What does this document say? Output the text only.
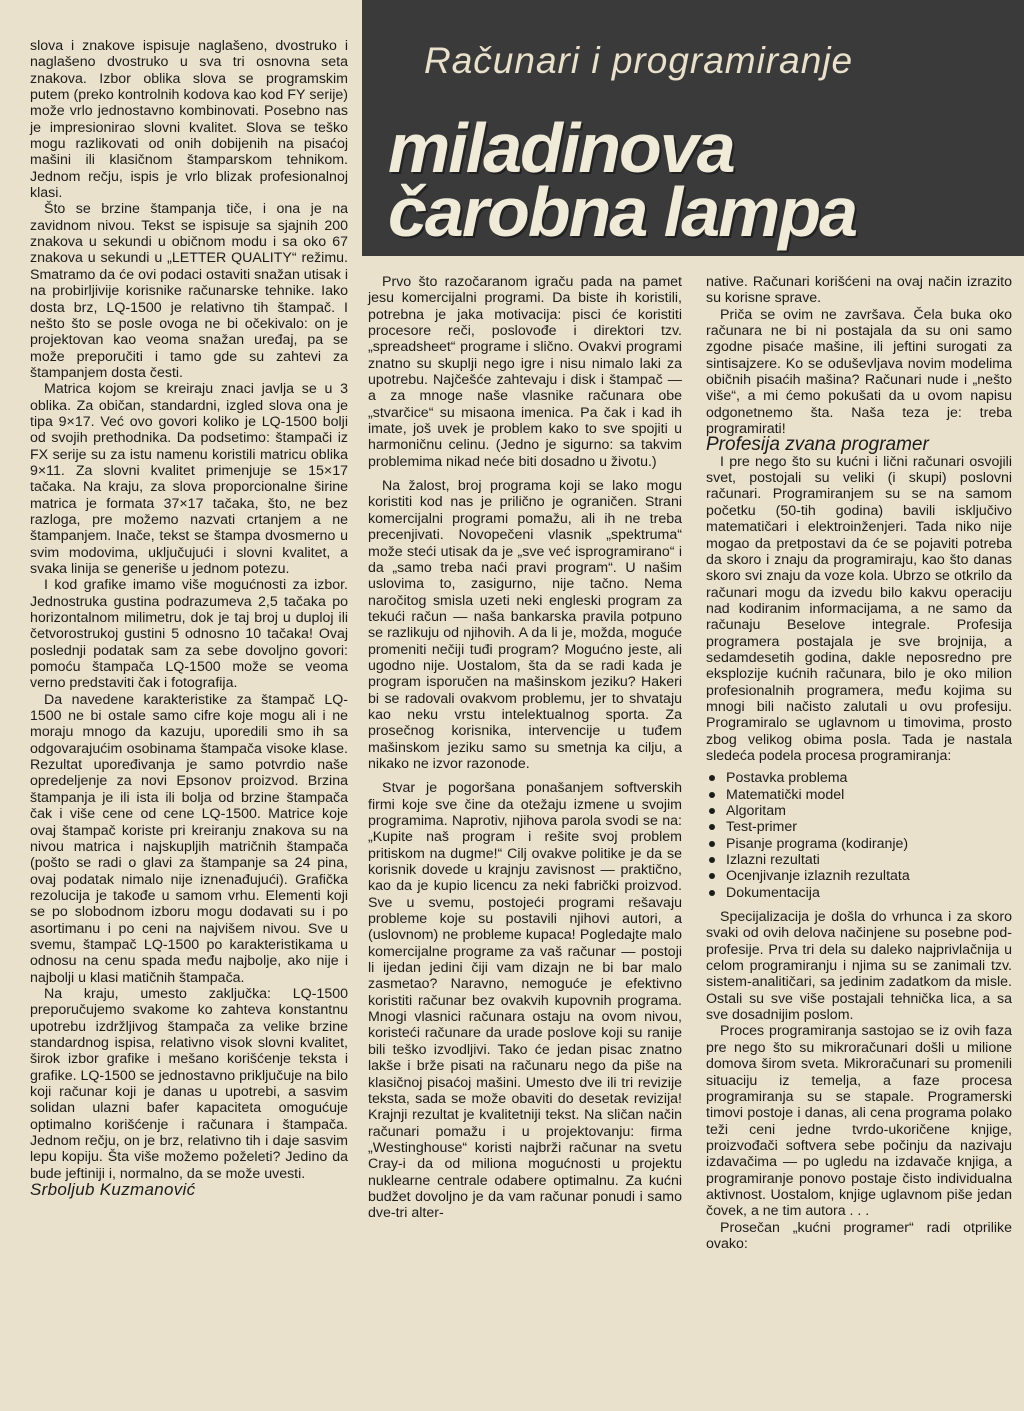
Računari i programiranje
miladinova
čarobna lampa

slova i znakove ispisuje naglašeno, dvostruko i naglašeno dvostruko u sva tri osnovna seta znakova. Izbor oblika slova se programskim putem (preko kontrolnih kodova kao kod FY serije) može vrlo jednostavno kombinovati. Posebno nas je impresionirao slovni kvalitet. Slova se teško mogu razlikovati od onih dobijenih na pisaćoj mašini ili klasičnom štamparskom tehnikom. Jednom rečju, ispis je vrlo blizak profesionalnoj klasi.

Što se brzine štampanja tiče, i ona je na zavidnom nivou. Tekst se ispisuje sa sjajnih 200 znakova u sekundi u običnom modu i sa oko 67 znakova u sekundi u „LETTER QUALITY“ režimu. Smatramo da će ovi podaci ostaviti snažan utisak i na probirljivije korisnike računarske tehnike. Iako dosta brz, LQ-1500 je relativno tih štampač. I nešto što se posle ovoga ne bi očekivalo: on je projektovan kao veoma snažan uređaj, pa se može preporučiti i tamo gde su zahtevi za štampanjem dosta česti.

Matrica kojom se kreiraju znaci javlja se u 3 oblika. Za običan, standardni, izgled slova ona je tipa 9×17. Već ovo govori koliko je LQ-1500 bolji od svojih prethodnika. Da podsetimo: štampači iz FX serije su za istu namenu koristili matricu oblika 9×11. Za slovni kvalitet primenjuje se 15×17 tačaka. Na kraju, za slova proporcionalne širine matrica je formata 37×17 tačaka, što, ne bez razloga, pre možemo nazvati crtanjem a ne štampanjem. Inače, tekst se štampa dvosmerno u svim modovima, uključujući i slovni kvalitet, a svaka linija se generiše u jednom potezu.

I kod grafike imamo više mogućnosti za izbor. Jednostruka gustina podrazumeva 2,5 tačaka po horizontalnom milimetru, dok je taj broj u duploj ili četvorostrukoj gustini 5 odnosno 10 tačaka! Ovaj poslednji podatak sam za sebe dovoljno govori: pomoću štampača LQ-1500 može se veoma verno predstaviti čak i fotografija.

Da navedene karakteristike za štampač LQ-1500 ne bi ostale samo cifre koje mogu ali i ne moraju mnogo da kazuju, uporedili smo ih sa odgovarajućim osobinama štampača visoke klase. Rezultat upoređivanja je samo potvrdio naše opredeljenje za novi Epsonov proizvod. Brzina štampanja je ili ista ili bolja od brzine štampača čak i više cene od cene LQ-1500. Matrice koje ovaj štampač koriste pri kreiranju znakova su na nivou matrica i najskupljih matričnih štampača (pošto se radi o glavi za štampanje sa 24 pina, ovaj podatak nimalo nije iznenađujući). Grafička rezolucija je takođe u samom vrhu. Elementi koji se po slobodnom izboru mogu dodavati su i po asortimanu i po ceni na najvišem nivou. Sve u svemu, štampač LQ-1500 po karakteristikama u odnosu na cenu spada među najbolje, ako nije i najbolji u klasi matičnih štampača.

Na kraju, umesto zaključka: LQ-1500 preporučujemo svakome ko zahteva konstantnu upotrebu izdržljivog štampača za velike brzine standardnog ispisa, relativno visok slovni kvalitet, širok izbor grafike i mešano korišćenje teksta i grafike. LQ-1500 se jednostavno priključuje na bilo koji računar koji je danas u upotrebi, a sasvim solidan ulazni bafer kapaciteta omogućuje optimalno korišćenje i računara i štampača. Jednom rečju, on je brz, relativno tih i daje sasvim lepu kopiju. Šta više možemo poželeti? Jedino da bude jeftiniji i, normalno, da se može uvesti.

Srboljub Kuzmanović

Prvo što razočaranom igraču pada na pamet jesu komercijalni programi. Da biste ih koristili, potrebna je jaka motivacija: pisci će koristiti procesore reči, poslovođe i direktori tzv. „spreadsheet“ programe i slično. Ovakvi programi znatno su skuplji nego igre i nisu nimalo laki za upotrebu. Najčešće zahtevaju i disk i štampač — a za mnoge naše vlasnike računara obe „stvarčice“ su misaona imenica. Pa čak i kad ih imate, još uvek je problem kako to sve spojiti u harmoničnu celinu. (Jedno je sigurno: sa takvim problemima nikad neće biti dosadno u životu.)

Na žalost, broj programa koji se lako mogu koristiti kod nas je prilično je ograničen. Strani komercijalni programi pomažu, ali ih ne treba precenjivati. Novopečeni vlasnik „spektruma“ može steći utisak da je „sve već isprogramirano“ i da „samo treba naći pravi program“. U našim uslovima to, zasigurno, nije tačno. Nema naročitog smisla uzeti neki engleski program za tekući račun — naša bankarska pravila potpuno se razlikuju od njihovih. A da li je, možda, moguće promeniti nečiji tuđi program? Mogućno jeste, ali ugodno nije. Uostalom, šta da se radi kada je program isporučen na mašinskom jeziku? Hakeri bi se radovali ovakvom problemu, jer to shvataju kao neku vrstu intelektualnog sporta. Za prosečnog korisnika, intervencije u tuđem mašinskom jeziku samo su smetnja ka cilju, a nikako ne izvor razonode.

Stvar je pogoršana ponašanjem softverskih firmi koje sve čine da otežaju izmene u svojim programima. Naprotiv, njihova parola svodi se na: „Kupite naš program i rešite svoj problem pritiskom na dugme!“ Cilj ovakve politike je da se korisnik dovede u krajnju zavisnost — praktično, kao da je kupio licencu za neki fabrički proizvod. Sve u svemu, postojeći programi rešavaju probleme koje su postavili njihovi autori, a (uslovnom) ne probleme kupaca! Pogledajte malo komercijalne programe za vaš računar — postoji li ijedan jedini čiji vam dizajn ne bi bar malo zasmetao? Naravno, nemoguće je efektivno koristiti računar bez ovakvih kupovnih programa. Mnogi vlasnici računara ostaju na ovom nivou, koristeći računare da urade poslove koji su ranije bili teško izvodljivi. Tako će jedan pisac znatno lakše i brže pisati na računaru nego da piše na klasičnoj pisaćoj mašini. Umesto dve ili tri revizije teksta, sada se može obaviti do desetak revizija! Krajnji rezultat je kvalitetniji tekst. Na sličan način računari pomažu i u projektovanju: firma „Westinghouse“ koristi najbrži računar na svetu Cray-i da od miliona mogućnosti u projektu nuklearne centrale odabere optimalnu. Za kućni budžet dovoljno je da vam računar ponudi i samo dve-tri alter-

native. Računari korišćeni na ovaj način izrazito su korisne sprave.

Priča se ovim ne završava. Čela buka oko računara ne bi ni postajala da su oni samo zgodne pisaće mašine, ili jeftini surogati za sintisajzere. Ko se oduševljava novim modelima običnih pisaćih mašina? Računari nude i „nešto više“, a mi ćemo pokušati da u ovom napisu odgonetnemo šta. Naša teza je: treba programirati!

Profesija zvana programer

I pre nego što su kućni i lični računari osvojili svet, postojali su veliki (i skupi) poslovni računari. Programiranjem su se na samom početku (50-tih godina) bavili isključivo matematičari i elektroinženjeri. Tada niko nije mogao da pretpostavi da će se pojaviti potreba da skoro i znaju da programiraju, kao što danas skoro svi znaju da voze kola. Ubrzo se otkrilo da računari mogu da izvedu bilo kakvu operaciju nad kodiranim informacijama, a ne samo da računaju Beselove integrale. Profesija programera postajala je sve brojnija, a sedamdesetih godina, dakle neposredno pre eksplozije kućnih računara, bilo je oko milion profesionalnih programera, među kojima su mnogi bili načisto zalutali u ovu profesiju. Programiralo se uglavnom u timovima, prosto zbog velikog obima posla. Tada je nastala sledeća podela procesa programiranja:

Postavka problema
Matematički model
Algoritam
Test-primer
Pisanje programa (kodiranje)
Izlazni rezultati
Ocenjivanje izlaznih rezultata
Dokumentacija

Specijalizacija je došla do vrhunca i za skoro svaki od ovih delova načinjene su posebne pod-profesije. Prva tri dela su daleko najprivlačnija u celom programiranju i njima su se zanimali tzv. sistem-analitičari, sa jedinim zadatkom da misle. Ostali su sve više postajali tehnička lica, a sa sve dosadnijim poslom.

Proces programiranja sastojao se iz ovih faza pre nego što su mikroračunari došli u milione domova širom sveta. Mikroračunari su promenili situaciju iz temelja, a faze procesa programiranja su se stapale. Programerski timovi postoje i danas, ali cena programa polako teži ceni jedne tvrdo-ukoričene knjige, proizvođači softvera sebe počinju da nazivaju izdavačima — po ugledu na izdavače knjiga, a programiranje ponovo postaje čisto individualna aktivnost. Uostalom, knjige uglavnom piše jedan čovek, a ne tim autora . . .

Prosečan „kućni programer“ radi otprilike ovako:
